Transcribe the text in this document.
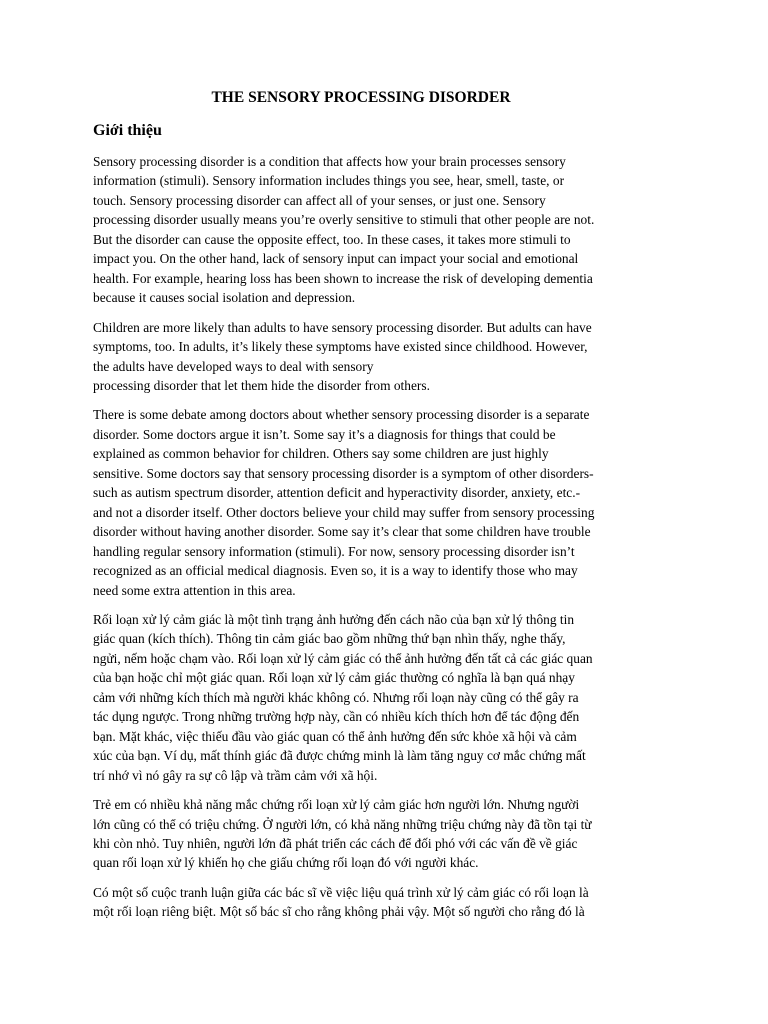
THE SENSORY PROCESSING DISORDER
Giới thiệu

Sensory processing disorder is a condition that affects how your brain processes sensory
information (stimuli). Sensory information includes things you see, hear, smell, taste, or
touch. Sensory processing disorder can affect all of your senses, or just one. Sensory
processing disorder usually means you’re overly sensitive to stimuli that other people are not.
But the disorder can cause the opposite effect, too. In these cases, it takes more stimuli to
impact you. On the other hand, lack of sensory input can impact your social and emotional
health. For example, hearing loss has been shown to increase the risk of developing dementia
because it causes social isolation and depression.

Children are more likely than adults to have sensory processing disorder. But adults can have
symptoms, too. In adults, it’s likely these symptoms have existed since childhood. However,
the adults have developed ways to deal with sensory
processing disorder that let them hide the disorder from others.

There is some debate among doctors about whether sensory processing disorder is a separate
disorder. Some doctors argue it isn’t. Some say it’s a diagnosis for things that could be
explained as common behavior for children. Others say some children are just highly
sensitive. Some doctors say that sensory processing disorder is a symptom of other disorders-
such as autism spectrum disorder, attention deficit and hyperactivity disorder, anxiety, etc.-
and not a disorder itself. Other doctors believe your child may suffer from sensory processing
disorder without having another disorder. Some say it’s clear that some children have trouble
handling regular sensory information (stimuli). For now, sensory processing disorder isn’t
recognized as an official medical diagnosis. Even so, it is a way to identify those who may
need some extra attention in this area.

Rối loạn xử lý cảm giác là một tình trạng ảnh hưởng đến cách não của bạn xử lý thông tin
giác quan (kích thích). Thông tin cảm giác bao gồm những thứ bạn nhìn thấy, nghe thấy,
ngửi, nếm hoặc chạm vào. Rối loạn xử lý cảm giác có thể ảnh hưởng đến tất cả các giác quan
của bạn hoặc chỉ một giác quan. Rối loạn xử lý cảm giác thường có nghĩa là bạn quá nhạy
cảm với những kích thích mà người khác không có. Nhưng rối loạn này cũng có thể gây ra
tác dụng ngược. Trong những trường hợp này, cần có nhiều kích thích hơn để tác động đến
bạn. Mặt khác, việc thiếu đầu vào giác quan có thể ảnh hưởng đến sức khỏe xã hội và cảm
xúc của bạn. Ví dụ, mất thính giác đã được chứng minh là làm tăng nguy cơ mắc chứng mất
trí nhớ vì nó gây ra sự cô lập và trầm cảm với xã hội.

Trẻ em có nhiều khả năng mắc chứng rối loạn xử lý cảm giác hơn người lớn. Nhưng người
lớn cũng có thể có triệu chứng. Ở người lớn, có khả năng những triệu chứng này đã tồn tại từ
khi còn nhỏ. Tuy nhiên, người lớn đã phát triển các cách để đối phó với các vấn đề về giác
quan rối loạn xử lý khiến họ che giấu chứng rối loạn đó với người khác.

Có một số cuộc tranh luận giữa các bác sĩ về việc liệu quá trình xử lý cảm giác có rối loạn là
một rối loạn riêng biệt. Một số bác sĩ cho rằng không phải vậy. Một số người cho rằng đó là
